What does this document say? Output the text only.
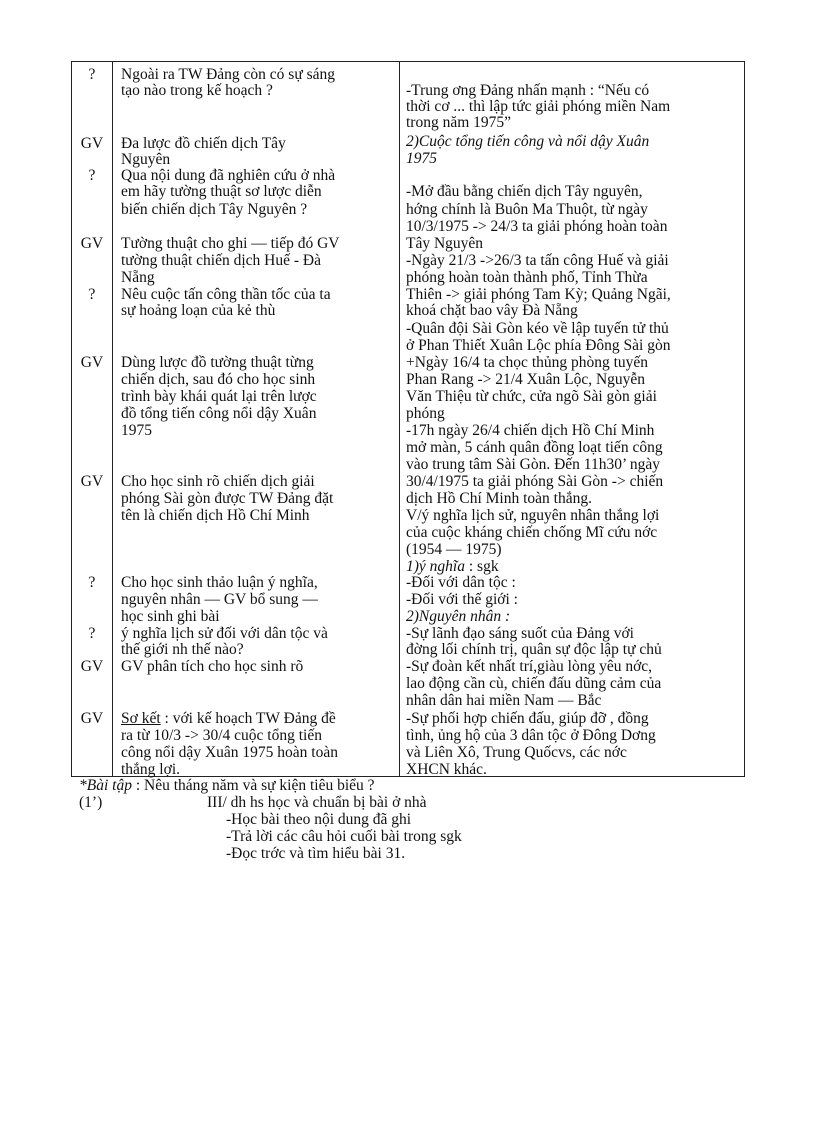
?
GV
?
GV
?
GV
GV
?
?
GV
GV
Ngoài ra TW Đảng còn có sự sáng
tạo nào trong kế hoạch ?
Đa lược đồ chiến dịch Tây
Nguyên
Qua nội dung đã nghiên cứu ở nhà
em hãy tường thuật sơ lược diễn
biến chiến dịch Tây Nguyên ?
Tường thuật cho ghi — tiếp đó GV
tường thuật chiến dịch Huế - Đà
Nẵng
Nêu cuộc tấn công thần tốc của ta
sự hoảng loạn của kẻ thù
Dùng lược đồ tường thuật từng
chiến dịch, sau đó cho học sinh
trình bày khái quát lại trên lược
đồ tổng tiến công nổi dậy Xuân
1975
Cho học sinh rõ chiến dịch giải
phóng Sài gòn được TW Đảng đặt
tên là chiến dịch Hồ Chí Minh
Cho học sinh thảo luận ý nghĩa,
nguyên nhân — GV bổ sung —
học sinh ghi bài
ý nghĩa lịch sử đối với dân tộc và
thế giới nh thế nào?
GV phân tích cho học sinh rõ
Sơ kết : với kế hoạch TW Đảng đề
ra từ 10/3 -> 30/4 cuộc tổng tiến
công nổi dậy Xuân 1975 hoàn toàn
thắng lợi.
-Trung ơng Đảng nhấn mạnh : “Nếu có
thời cơ ... thì lập tức giải phóng miền Nam
trong năm 1975”
2)Cuộc tổng tiến công và nổi dậy Xuân
1975
-Mở đầu bằng chiến dịch Tây nguyên,
hớng chính là Buôn Ma Thuột, từ ngày
10/3/1975 -> 24/3 ta giải phóng hoàn toàn
Tây Nguyên
-Ngày 21/3 ->26/3 ta tấn công Huế và giải
phóng hoàn toàn thành phố, Tỉnh Thừa
Thiên -> giải phóng Tam Kỳ; Quảng Ngãi,
khoá chặt bao vây Đà Nẵng
-Quân đội Sài Gòn kéo về lập tuyến tử thủ
ở Phan Thiết Xuân Lộc phía Đông Sài gòn
+Ngày 16/4 ta chọc thủng phòng tuyến
Phan Rang -> 21/4 Xuân Lộc, Nguyễn
Văn Thiệu từ chức, cửa ngõ Sài gòn giải
phóng
-17h ngày 26/4 chiến dịch Hồ Chí Minh
mở màn, 5 cánh quân đồng loạt tiến công
vào trung tâm Sài Gòn. Đến 11h30’ ngày
30/4/1975 ta giải phóng Sài Gòn -> chiến
dịch Hồ Chí Minh toàn thắng.
V/ý nghĩa lịch sử, nguyên nhân thắng lợi
của cuộc kháng chiến chống Mĩ cứu nớc
(1954 — 1975)
1)ý nghĩa : sgk
-Đối với dân tộc :
-Đối với thế giới :
2)Nguyên nhân :
-Sự lãnh đạo sáng suốt của Đảng với
đờng lối chính trị, quân sự độc lập tự chủ
-Sự đoàn kết nhất trí,giàu lòng yêu nớc,
lao động cần cù, chiến đấu dũng cảm của
nhân dân hai miền Nam — Bắc
-Sự phối hợp chiến đấu, giúp đỡ , đồng
tình, ủng hộ của 3 dân tộc ở Đông Dơng
và Liên Xô, Trung Quốcvs, các nớc
XHCN khác.
*Bài tập : Nêu tháng năm và sự kiện tiêu biểu ?
(1’)	III/ dh hs học và chuẩn bị bài ở nhà
-Học bài theo nội dung đã ghi
-Trả lời các câu hỏi cuối bài trong sgk
-Đọc trớc và tìm hiểu bài 31.
